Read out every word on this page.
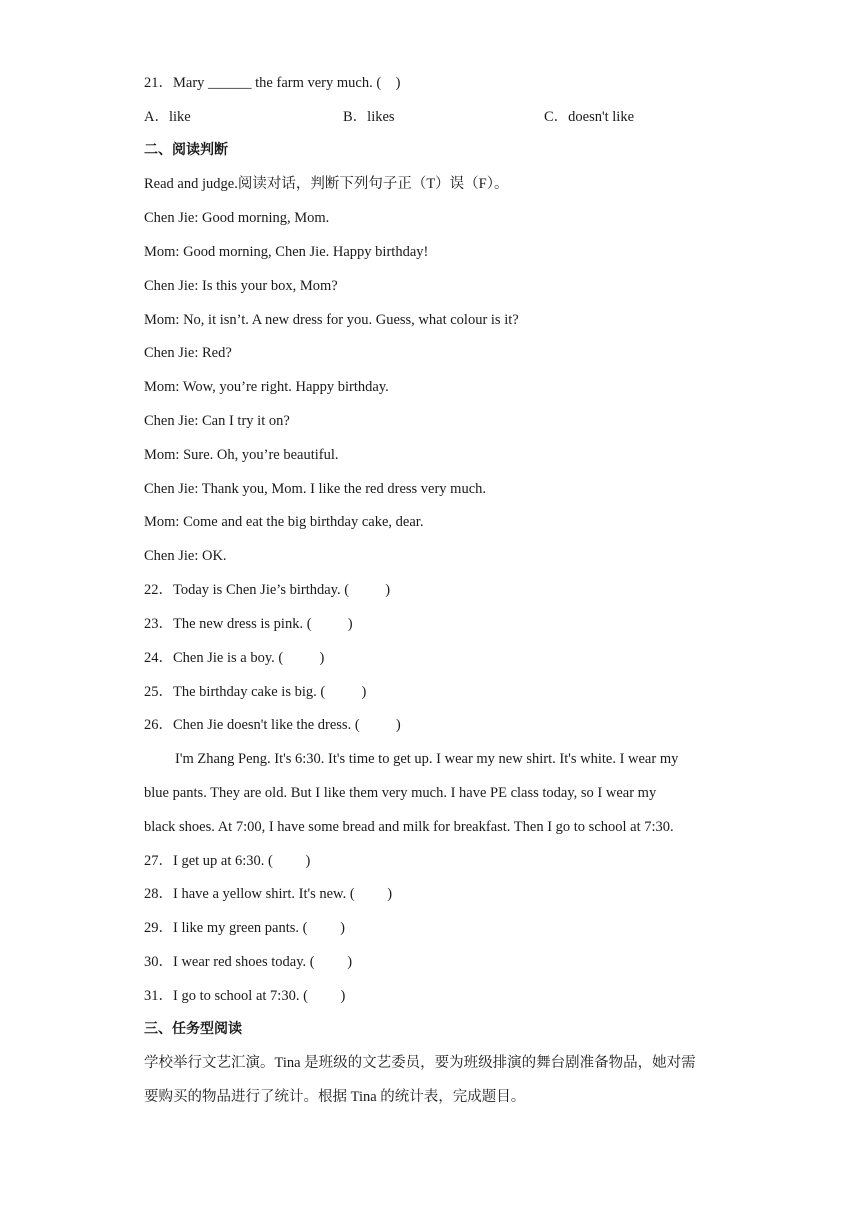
21．Mary ______ the farm very much. (    )
A．like	B．likes	C．doesn't like
二、阅读判断
Read and judge.阅读对话，判断下列句子正（T）误（F）。
Chen Jie: Good morning, Mom.
Mom: Good morning, Chen Jie. Happy birthday!
Chen Jie: Is this your box, Mom?
Mom: No, it isn’t. A new dress for you. Guess, what colour is it?
Chen Jie: Red?
Mom: Wow, you’re right. Happy birthday.
Chen Jie: Can I try it on?
Mom: Sure. Oh, you’re beautiful.
Chen Jie: Thank you, Mom. I like the red dress very much.
Mom: Come and eat the big birthday cake, dear.
Chen Jie: OK.
22．Today is Chen Jie’s birthday. (          )
23．The new dress is pink. (          )
24．Chen Jie is a boy. (          )
25．The birthday cake is big. (          )
26．Chen Jie doesn't like the dress. (          )
I'm Zhang Peng. It's 6:30. It's time to get up. I wear my new shirt. It's white. I wear my
blue pants. They are old. But I like them very much. I have PE class today, so I wear my
black shoes. At 7:00, I have some bread and milk for breakfast. Then I go to school at 7:30.
27．I get up at 6:30. (         )
28．I have a yellow shirt. It's new. (         )
29．I like my green pants. (         )
30．I wear red shoes today. (         )
31．I go to school at 7:30. (         )
三、任务型阅读
学校举行文艺汇演。Tina 是班级的文艺委员，要为班级排演的舞台剧准备物品，她对需
要购买的物品进行了统计。根据 Tina 的统计表，完成题目。
